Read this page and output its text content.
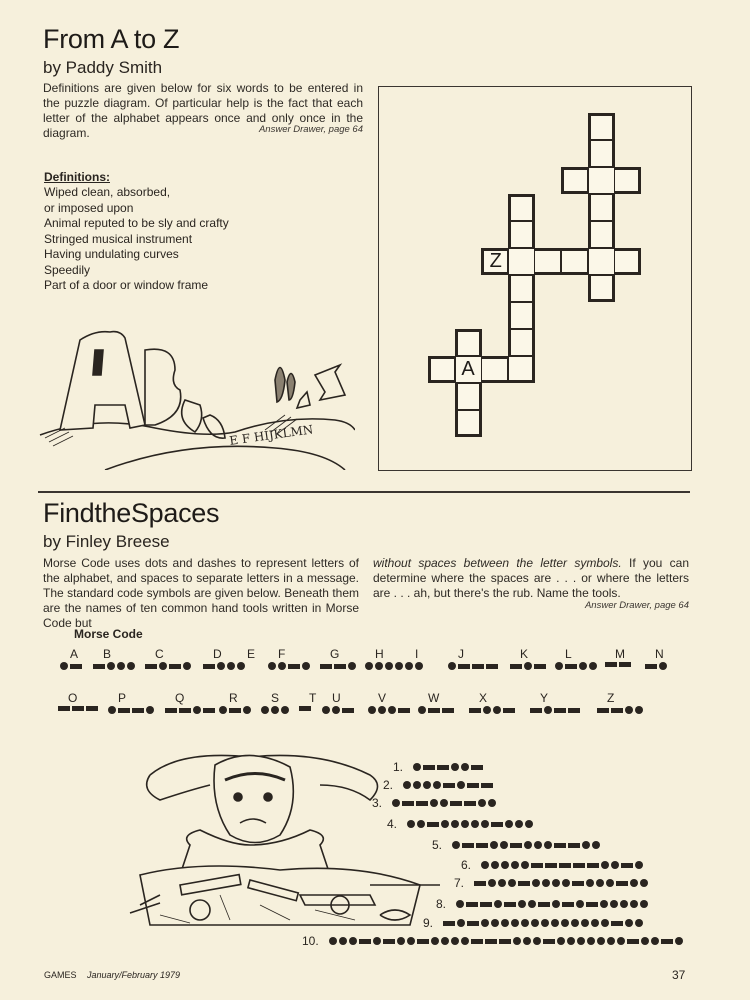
From A to Z
by Paddy Smith
Definitions are given below for six words to be entered in the puzzle diagram. Of particular help is the fact that each letter of the alphabet appears once and only once in the diagram.	Answer Drawer, page 64
Definitions:
Wiped clean, absorbed, or imposed upon
Animal reputed to be sly and crafty
Stringed musical instrument
Having undulating curves
Speedily
Part of a door or window frame
E F HIJKLMN
Z
A
FindtheSpaces
by Finley Breese
Morse Code uses dots and dashes to represent letters of the alphabet, and spaces to separate letters in a message. The standard code symbols are given below. Beneath them are the names of ten common hand tools written in Morse Code but
without spaces between the letter symbols. If you can determine where the spaces are . . . or where the letters are . . . ah, but there's the rub. Name the tools.
Answer Drawer, page 64
Morse Code
A B	C	D E F	G	H	I	J	K	L	M	N
O	P	Q	R	S T U	V	W	X	Y	Z
1.
2.
3.
4.
5.
6.
7.
8.
9.
10.
GAMES January/February 1979	37
